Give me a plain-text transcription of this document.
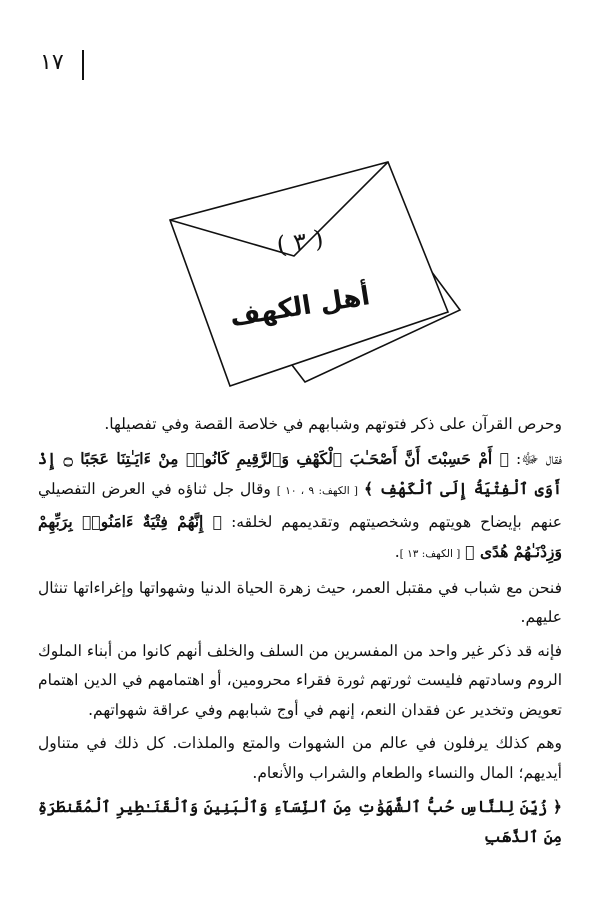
١٧
( ٣ )
أهل الكهف

وحرص القرآن على ذكر فتوتهم وشبابهم في خلاصة القصة وفي تفصيلها.

فقال ﷻ: ﴿ أَمْ حَسِبْتَ أَنَّ أَصْحَـٰبَ ٱلْكَهْفِ وَٱلرَّقِيمِ كَانُوا۟ مِنْ ءَايَـٰتِنَا عَجَبًا ۝ إِذْ أَوَى ٱلْفِتْيَةُ إِلَى ٱلْكَهْفِ ﴾ [ الكهف: ٩ ، ١٠ ] وقال جل ثناؤه في العرض التفصيلي عنهم بإيضاح هويتهم وشخصيتهم وتقديمهم لخلقه: ﴿ إِنَّهُمْ فِتْيَةٌ ءَامَنُوا۟ بِرَبِّهِمْ وَزِدْنَـٰهُمْ هُدًى ﴾ [ الكهف: ١٣ ].

فنحن مع شباب في مقتبل العمر، حيث زهرة الحياة الدنيا وشهواتها وإغراءاتها تنثال عليهم.

فإنه قد ذكر غير واحد من المفسرين من السلف والخلف أنهم كانوا من أبناء الملوك الروم وسادتهم فليست ثورتهم ثورة فقراء محرومين، أو اهتمامهم في الدين اهتمام تعويض وتخدير عن فقدان النعم، إنهم في أوج شبابهم وفي عراقة شهواتهم.

وهم كذلك يرفلون في عالم من الشهوات والمتع والملذات. كل ذلك في متناول أيديهم؛ المال والنساء والطعام والشراب والأنعام.

﴿ زُيِّنَ لِلنَّاسِ حُبُّ ٱلشَّهَوَٰتِ مِنَ ٱلنِّسَآءِ وَٱلْبَنِينَ وَٱلْقَنَـٰطِيرِ ٱلْمُقَنطَرَةِ مِنَ ٱلذَّهَبِ
